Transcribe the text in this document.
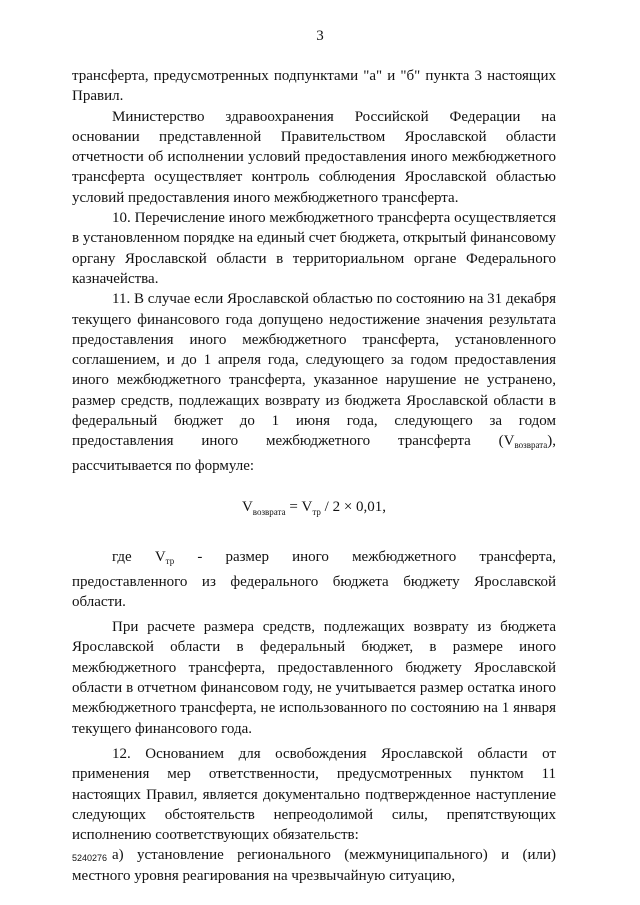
3

трансферта, предусмотренных подпунктами "а" и "б" пункта 3 настоящих Правил.

Министерство здравоохранения Российской Федерации на основании представленной Правительством Ярославской области отчетности об исполнении условий предоставления иного межбюджетного трансферта осуществляет контроль соблюдения Ярославской областью условий предоставления иного межбюджетного трансферта.

10. Перечисление иного межбюджетного трансферта осуществляется в установленном порядке на единый счет бюджета, открытый финансовому органу Ярославской области в территориальном органе Федерального казначейства.

11. В случае если Ярославской областью по состоянию на 31 декабря текущего финансового года допущено недостижение значения результата предоставления иного межбюджетного трансферта, установленного соглашением, и до 1 апреля года, следующего за годом предоставления иного межбюджетного трансферта, указанное нарушение не устранено, размер средств, подлежащих возврату из бюджета Ярославской области в федеральный бюджет до 1 июня года, следующего за годом предоставления иного межбюджетного трансферта $(V_{возврата})$, рассчитывается по формуле:

$V_{возврата} = V_{тр} / 2 \times 0,01$,

где $V_{тр}$ - размер иного межбюджетного трансферта, предоставленного из федерального бюджета бюджету Ярославской области.

При расчете размера средств, подлежащих возврату из бюджета Ярославской области в федеральный бюджет, в размере иного межбюджетного трансферта, предоставленного бюджету Ярославской области в отчетном финансовом году, не учитывается размер остатка иного межбюджетного трансферта, не использованного по состоянию на 1 января текущего финансового года.

12. Основанием для освобождения Ярославской области от применения мер ответственности, предусмотренных пунктом 11 настоящих Правил, является документально подтвержденное наступление следующих обстоятельств непреодолимой силы, препятствующих исполнению соответствующих обязательств:

а) установление регионального (межмуниципального) и (или) местного уровня реагирования на чрезвычайную ситуацию,

5240276
